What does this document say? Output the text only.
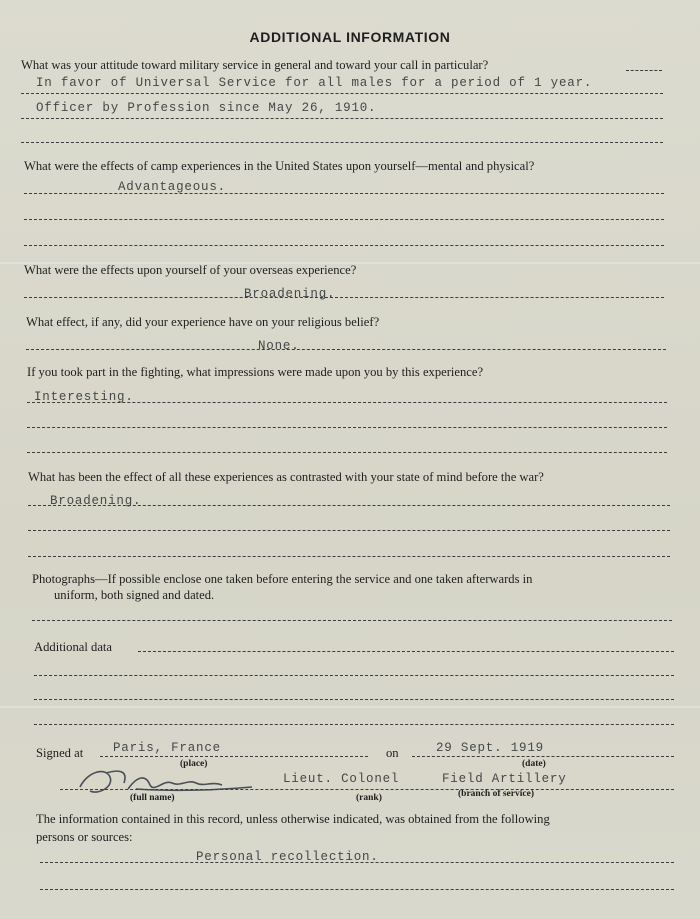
ADDITIONAL INFORMATION
What was your attitude toward military service in general and toward your call in particular?
In favor of Universal Service for all males for a period of 1 year.
Officer by Profession since May 26, 1910.
What were the effects of camp experiences in the United States upon yourself—mental and physical?
Advantageous.
What were the effects upon yourself of your overseas experience?
Broadening.
What effect, if any, did your experience have on your religious belief?
None.
If you took part in the fighting, what impressions were made upon you by this experience?
Interesting.
What has been the effect of all these experiences as contrasted with your state of mind before the war?
Broadening.
Photographs—If possible enclose one taken before entering the service and one taken afterwards in
uniform, both signed and dated.
Additional data
Signed at Paris, France	on	29 Sept. 1919
(place)	(date)
Lieut. Colonel	Field Artillery
(full name)	(rank)	(branch of service)
The information contained in this record, unless otherwise indicated, was obtained from the following
persons or sources:
Personal recollection.
